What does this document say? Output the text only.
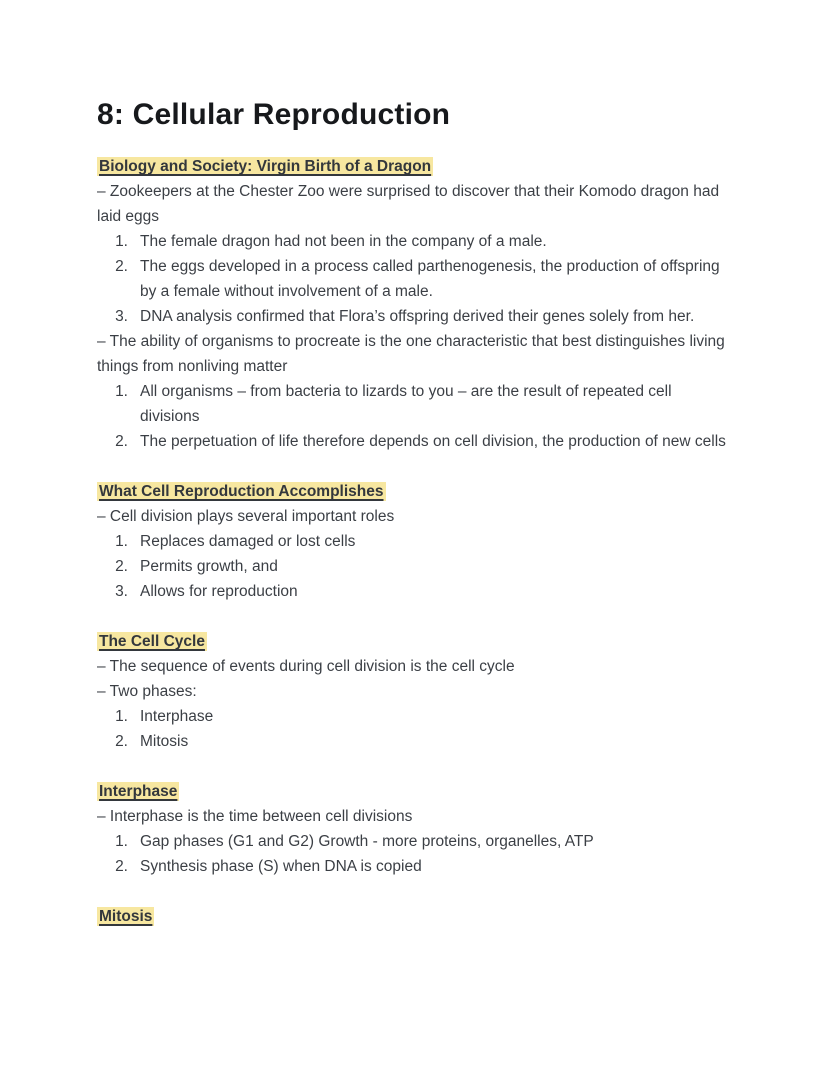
8: Cellular Reproduction
Biology and Society: Virgin Birth of a Dragon

– Zookeepers at the Chester Zoo were surprised to discover that their Komodo dragon had laid eggs

1. The female dragon had not been in the company of a male.
2. The eggs developed in a process called parthenogenesis, the production of offspring by a female without involvement of a male.
3. DNA analysis confirmed that Flora’s offspring derived their genes solely from her.

– The ability of organisms to procreate is the one characteristic that best distinguishes living things from nonliving matter

1. All organisms – from bacteria to lizards to you – are the result of repeated cell divisions
2. The perpetuation of life therefore depends on cell division, the production of new cells
What Cell Reproduction Accomplishes

– Cell division plays several important roles

1. Replaces damaged or lost cells
2. Permits growth, and
3. Allows for reproduction
The Cell Cycle

– The sequence of events during cell division is the cell cycle

– Two phases:

1. Interphase
2. Mitosis
Interphase

– Interphase is the time between cell divisions

1. Gap phases (G1 and G2) Growth - more proteins, organelles, ATP
2. Synthesis phase (S) when DNA is copied
Mitosis
